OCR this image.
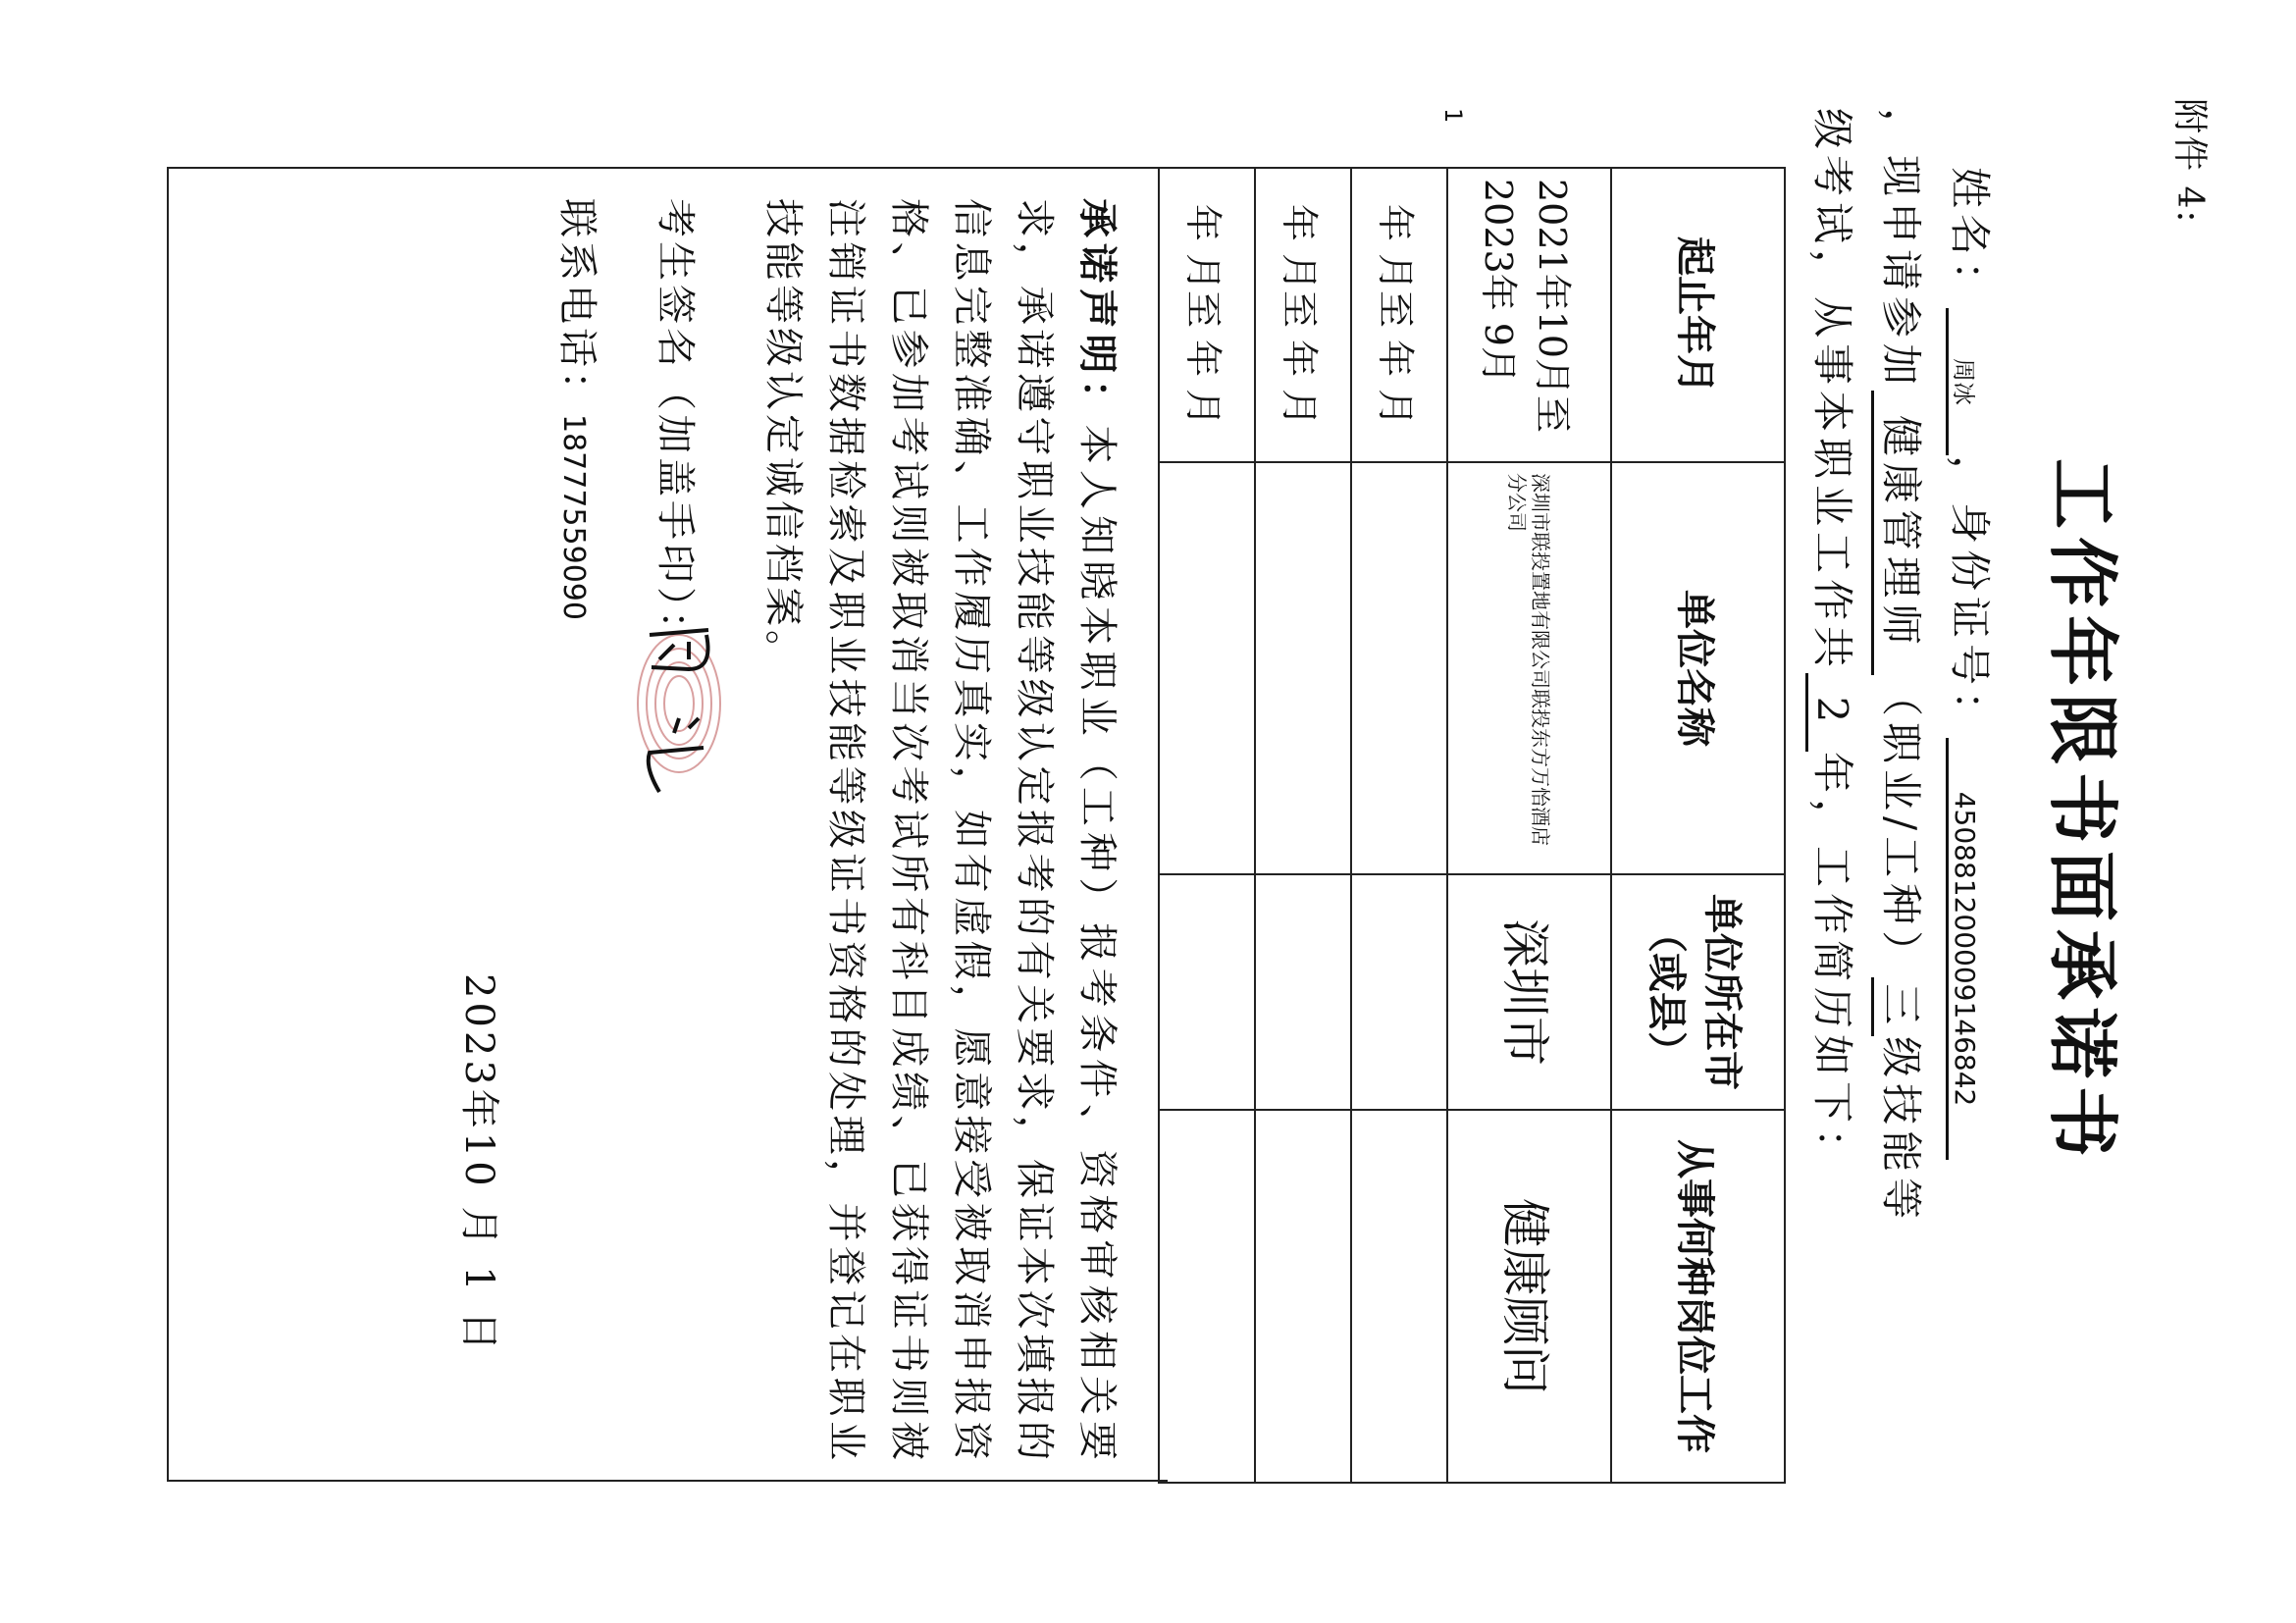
附件 4:
工作年限书面承诺书
姓名：周冰，身份证号：450881200009146842
，现申请参加健康管理师（职业/工种）三级技能等
级考试，从事本职业工作共2年，工作简历如下：
起止年月	单位名称	单位所在市（或县）	从事何种岗位工作
2021年10月至 2023年 9月	深圳市联投置地有限公司联投东方万怡酒店分公司	深圳市	健康顾问
年 月至 年 月			
年 月至 年 月			
年 月至 年 月			
承诺声明：本人知晓本职业（工种）报考条件、资格审核相关要求，承诺遵守职业技能等级认定报考的有关要求，保证本次填报的信息完整准确、工作履历真实，如有虚假，愿意接受被取消申报资格、已参加考试则被取消当次考试所有科目成绩、已获得证书则被注销证书数据检索及职业技能等级证书资格的处理，并登记在职业技能等级认定诚信档案。
考生签名（加盖手印）：
联系电话：18777559090
2023年10 月 1 日
1
